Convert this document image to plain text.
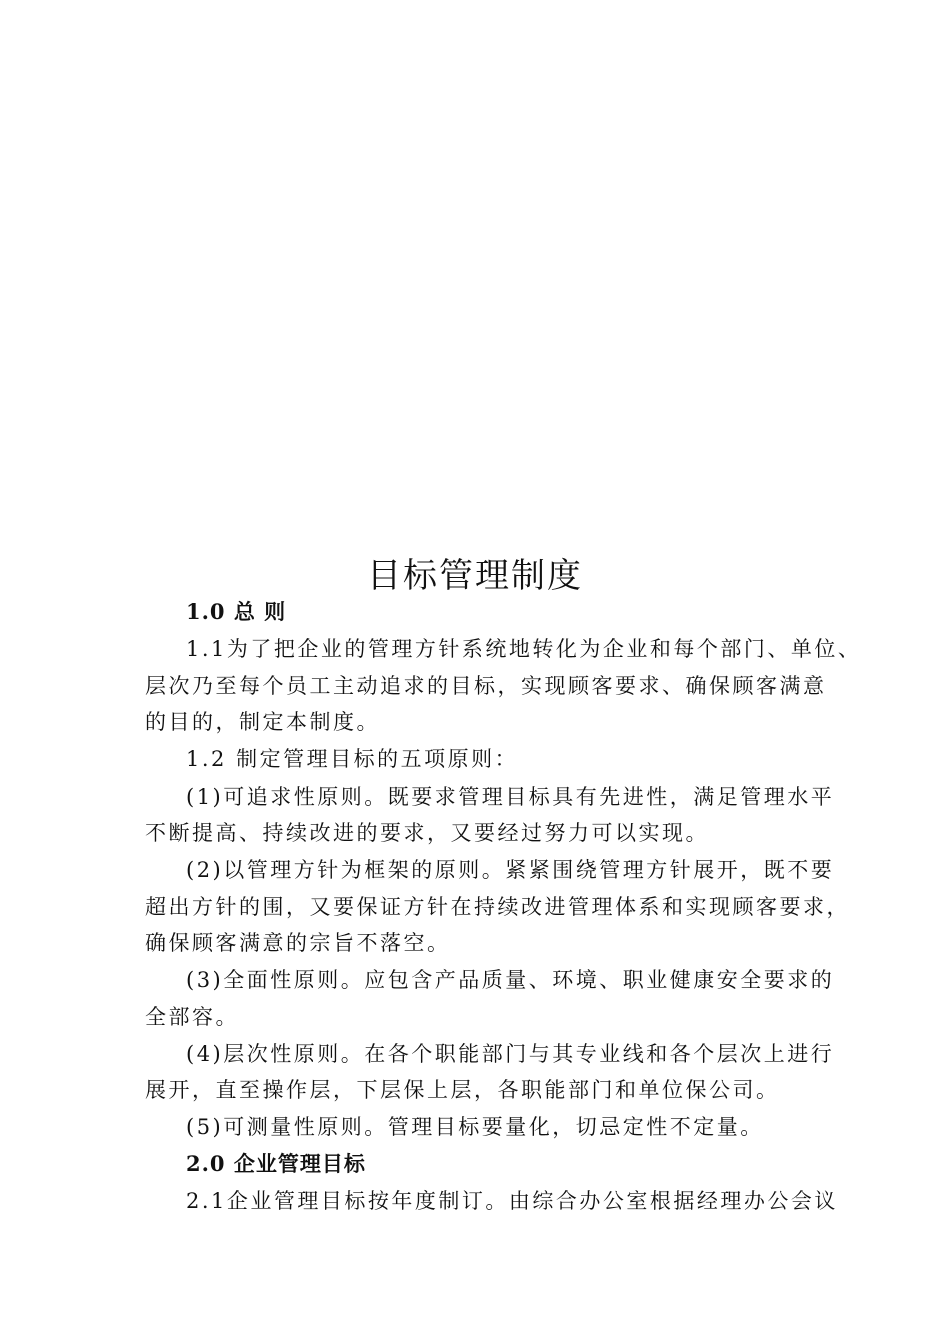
目标管理制度
1.0 总 则
1.1为了把企业的管理方针系统地转化为企业和每个部门、单位、
层次乃至每个员工主动追求的目标，实现顾客要求、确保顾客满意
的目的，制定本制度。
1.2 制定管理目标的五项原则：
(1)可追求性原则。既要求管理目标具有先进性，满足管理水平
不断提高、持续改进的要求，又要经过努力可以实现。
(2)以管理方针为框架的原则。紧紧围绕管理方针展开，既不要
超出方针的围，又要保证方针在持续改进管理体系和实现顾客要求，
确保顾客满意的宗旨不落空。
(3)全面性原则。应包含产品质量、环境、职业健康安全要求的
全部容。
(4)层次性原则。在各个职能部门与其专业线和各个层次上进行
展开，直至操作层，下层保上层，各职能部门和单位保公司。
(5)可测量性原则。管理目标要量化，切忌定性不定量。
2.0 企业管理目标
2.1企业管理目标按年度制订。由综合办公室根据经理办公会议
